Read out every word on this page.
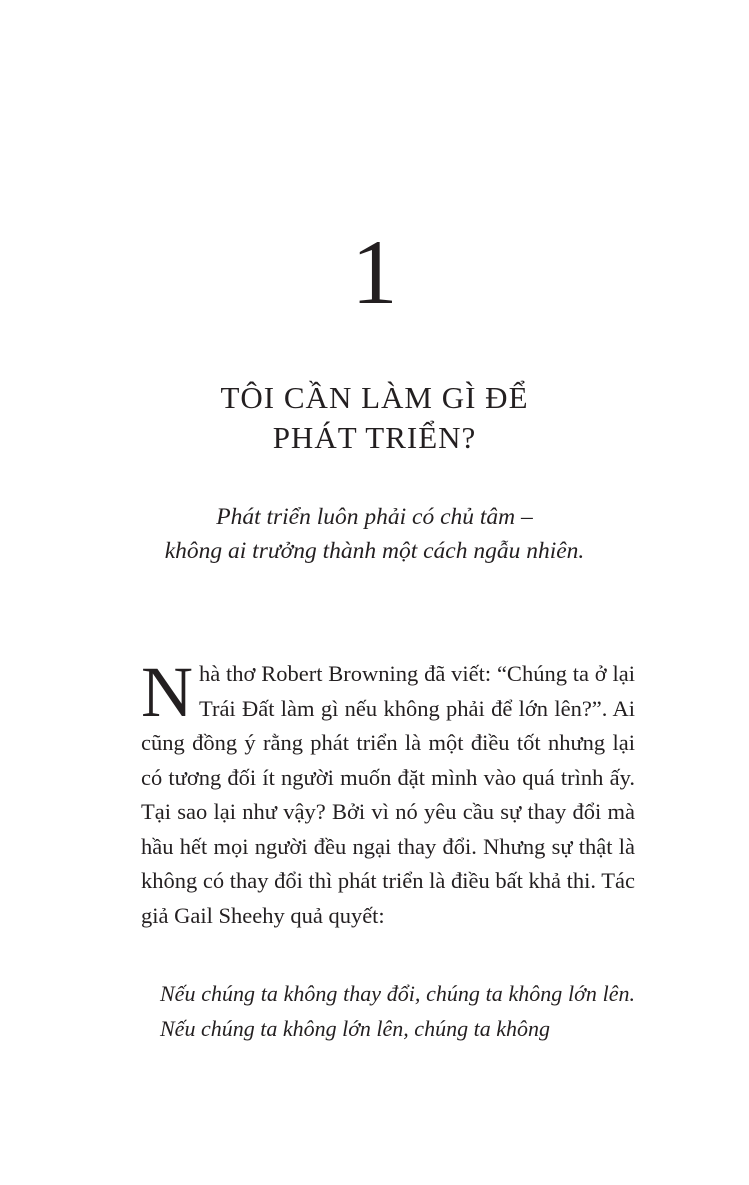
1
TÔI CẦN LÀM GÌ ĐỂ
PHÁT TRIỂN?

Phát triển luôn phải có chủ tâm –
không ai trưởng thành một cách ngẫu nhiên.

Nhà thơ Robert Browning đã viết: “Chúng ta ở lại Trái Đất làm gì nếu không phải để lớn lên?”. Ai cũng đồng ý rằng phát triển là một điều tốt nhưng lại có tương đối ít người muốn đặt mình vào quá trình ấy. Tại sao lại như vậy? Bởi vì nó yêu cầu sự thay đổi mà hầu hết mọi người đều ngại thay đổi. Nhưng sự thật là không có thay đổi thì phát triển là điều bất khả thi. Tác giả Gail Sheehy quả quyết:

Nếu chúng ta không thay đổi, chúng ta không lớn lên. Nếu chúng ta không lớn lên, chúng ta không
